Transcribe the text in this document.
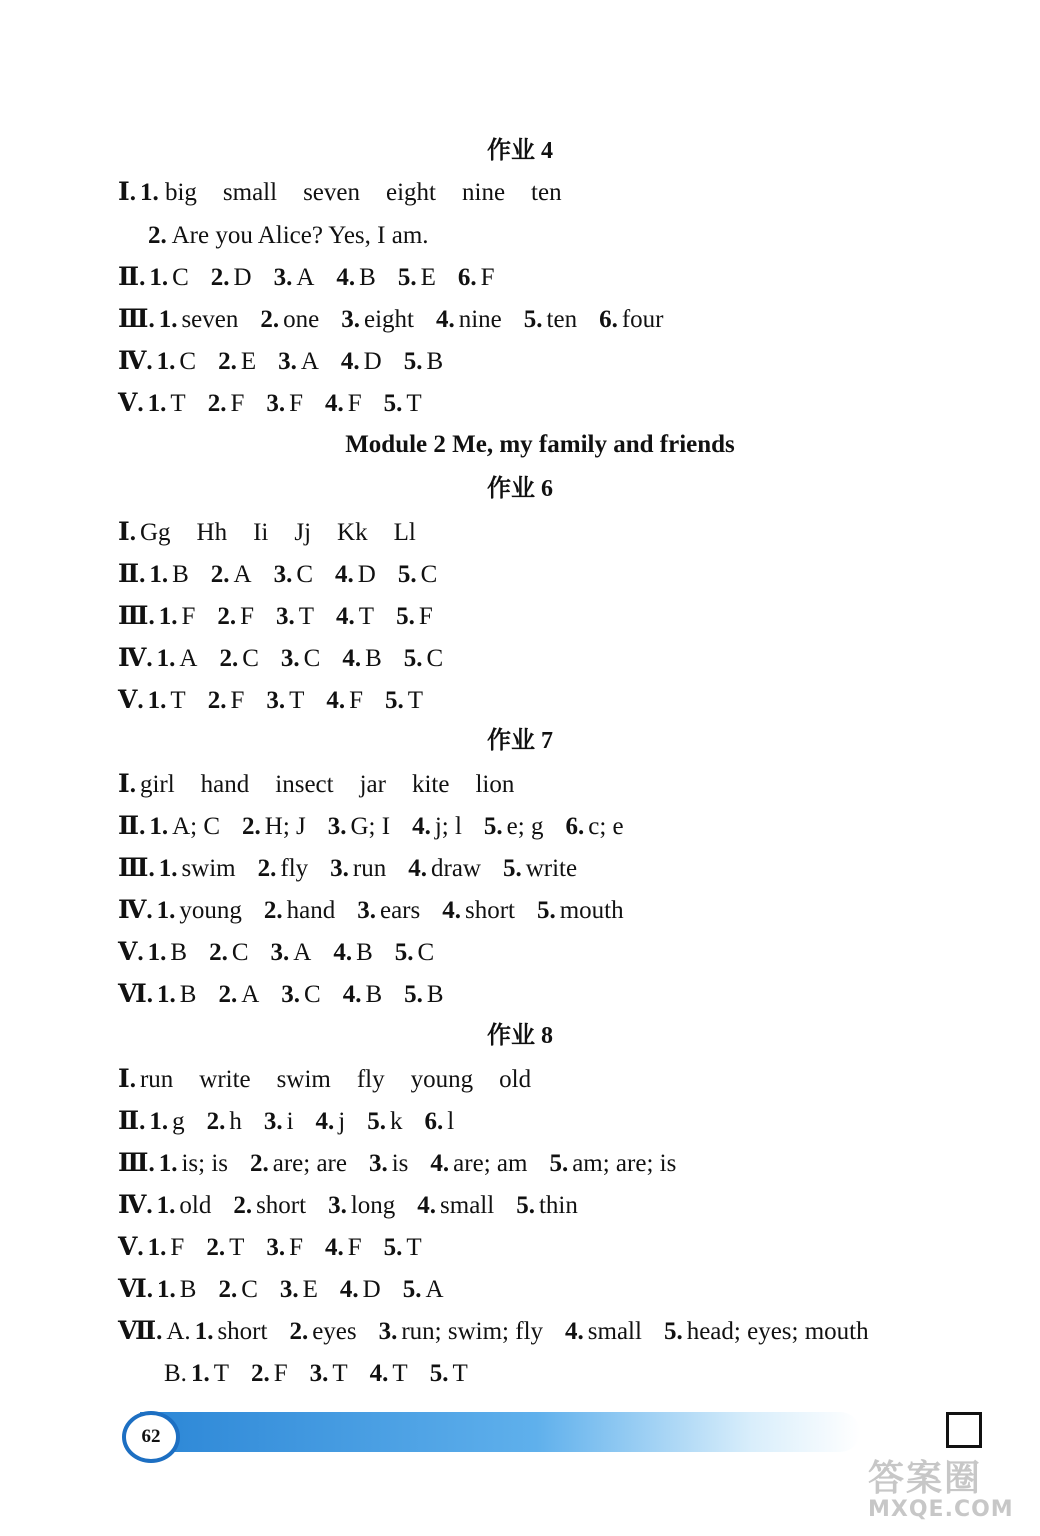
作业 4
Ⅰ. 1. big small seven eight nine ten
2. Are you Alice? Yes, I am.
Ⅱ. 1. C 2. D 3. A 4. B 5. E 6. F
Ⅲ. 1. seven 2. one 3. eight 4. nine 5. ten 6. four
Ⅳ. 1. C 2. E 3. A 4. D 5. B
Ⅴ. 1. T 2. F 3. F 4. F 5. T
Module 2 Me, my family and friends
作业 6
Ⅰ. Gg Hh Ii Jj Kk Ll
Ⅱ. 1. B 2. A 3. C 4. D 5. C
Ⅲ. 1. F 2. F 3. T 4. T 5. F
Ⅳ. 1. A 2. C 3. C 4. B 5. C
Ⅴ. 1. T 2. F 3. T 4. F 5. T
作业 7
Ⅰ. girl hand insect jar kite lion
Ⅱ. 1. A; C 2. H; J 3. G; I 4. j; l 5. e; g 6. c; e
Ⅲ. 1. swim 2. fly 3. run 4. draw 5. write
Ⅳ. 1. young 2. hand 3. ears 4. short 5. mouth
Ⅴ. 1. B 2. C 3. A 4. B 5. C
Ⅵ. 1. B 2. A 3. C 4. B 5. B
作业 8
Ⅰ. run write swim fly young old
Ⅱ. 1. g 2. h 3. i 4. j 5. k 6. l
Ⅲ. 1. is; is 2. are; are 3. is 4. are; am 5. am; are; is
Ⅳ. 1. old 2. short 3. long 4. small 5. thin
Ⅴ. 1. F 2. T 3. F 4. F 5. T
Ⅵ. 1. B 2. C 3. E 4. D 5. A
Ⅶ. A. 1. short 2. eyes 3. run; swim; fly 4. small 5. head; eyes; mouth
B. 1. T 2. F 3. T 4. T 5. T
62
答案圈
MXQE.COM
